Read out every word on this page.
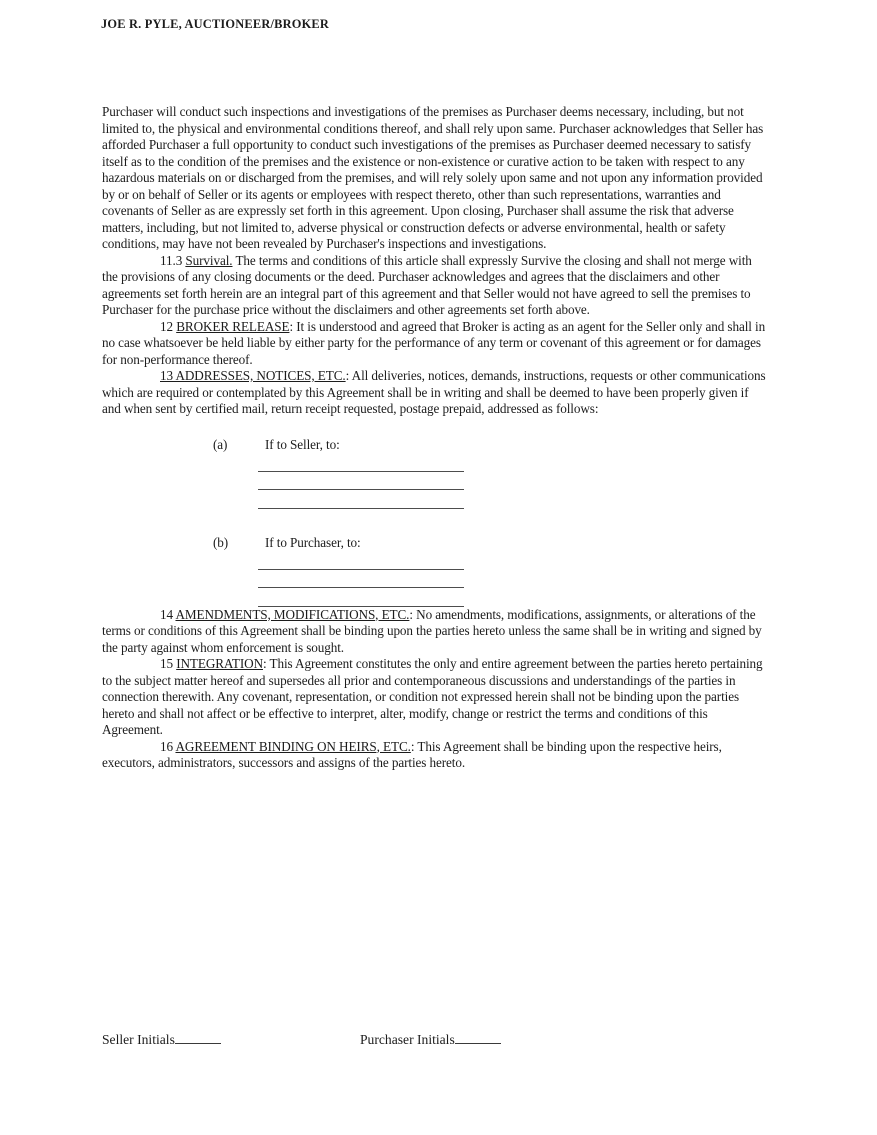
JOE R. PYLE, AUCTIONEER/BROKER

Purchaser will conduct such inspections and investigations of the premises as Purchaser deems necessary, including, but not limited to, the physical and environmental conditions thereof, and shall rely upon same. Purchaser acknowledges that Seller has afforded Purchaser a full opportunity to conduct such investigations of the premises as Purchaser deemed necessary to satisfy itself as to the condition of the premises and the existence or non-existence or curative action to be taken with respect to any hazardous materials on or discharged from the premises, and will rely solely upon same and not upon any information provided by or on behalf of Seller or its agents or employees with respect thereto, other than such representations, warranties and covenants of Seller as are expressly set forth in this agreement. Upon closing, Purchaser shall assume the risk that adverse matters, including, but not limited to, adverse physical or construction defects or adverse environmental, health or safety conditions, may have not been revealed by Purchaser's inspections and investigations.

11.3 Survival. The terms and conditions of this article shall expressly Survive the closing and shall not merge with the provisions of any closing documents or the deed. Purchaser acknowledges and agrees that the disclaimers and other agreements set forth herein are an integral part of this agreement and that Seller would not have agreed to sell the premises to Purchaser for the purchase price without the disclaimers and other agreements set forth above.

12 BROKER RELEASE: It is understood and agreed that Broker is acting as an agent for the Seller only and shall in no case whatsoever be held liable by either party for the performance of any term or covenant of this agreement or for damages for non-performance thereof.

13 ADDRESSES, NOTICES, ETC.: All deliveries, notices, demands, instructions, requests or other communications which are required or contemplated by this Agreement shall be in writing and shall be deemed to have been properly given if and when sent by certified mail, return receipt requested, postage prepaid, addressed as follows:

(a)	If to Seller, to:
(b)	If to Purchaser, to:

14 AMENDMENTS, MODIFICATIONS, ETC.: No amendments, modifications, assignments, or alterations of the terms or conditions of this Agreement shall be binding upon the parties hereto unless the same shall be in writing and signed by the party against whom enforcement is sought.

15 INTEGRATION: This Agreement constitutes the only and entire agreement between the parties hereto pertaining to the subject matter hereof and supersedes all prior and contemporaneous discussions and understandings of the parties in connection therewith. Any covenant, representation, or condition not expressed herein shall not be binding upon the parties hereto and shall not affect or be effective to interpret, alter, modify, change or restrict the terms and conditions of this Agreement.

16 AGREEMENT BINDING ON HEIRS, ETC.: This Agreement shall be binding upon the respective heirs, executors, administrators, successors and assigns of the parties hereto.

Seller Initials	Purchaser Initials
